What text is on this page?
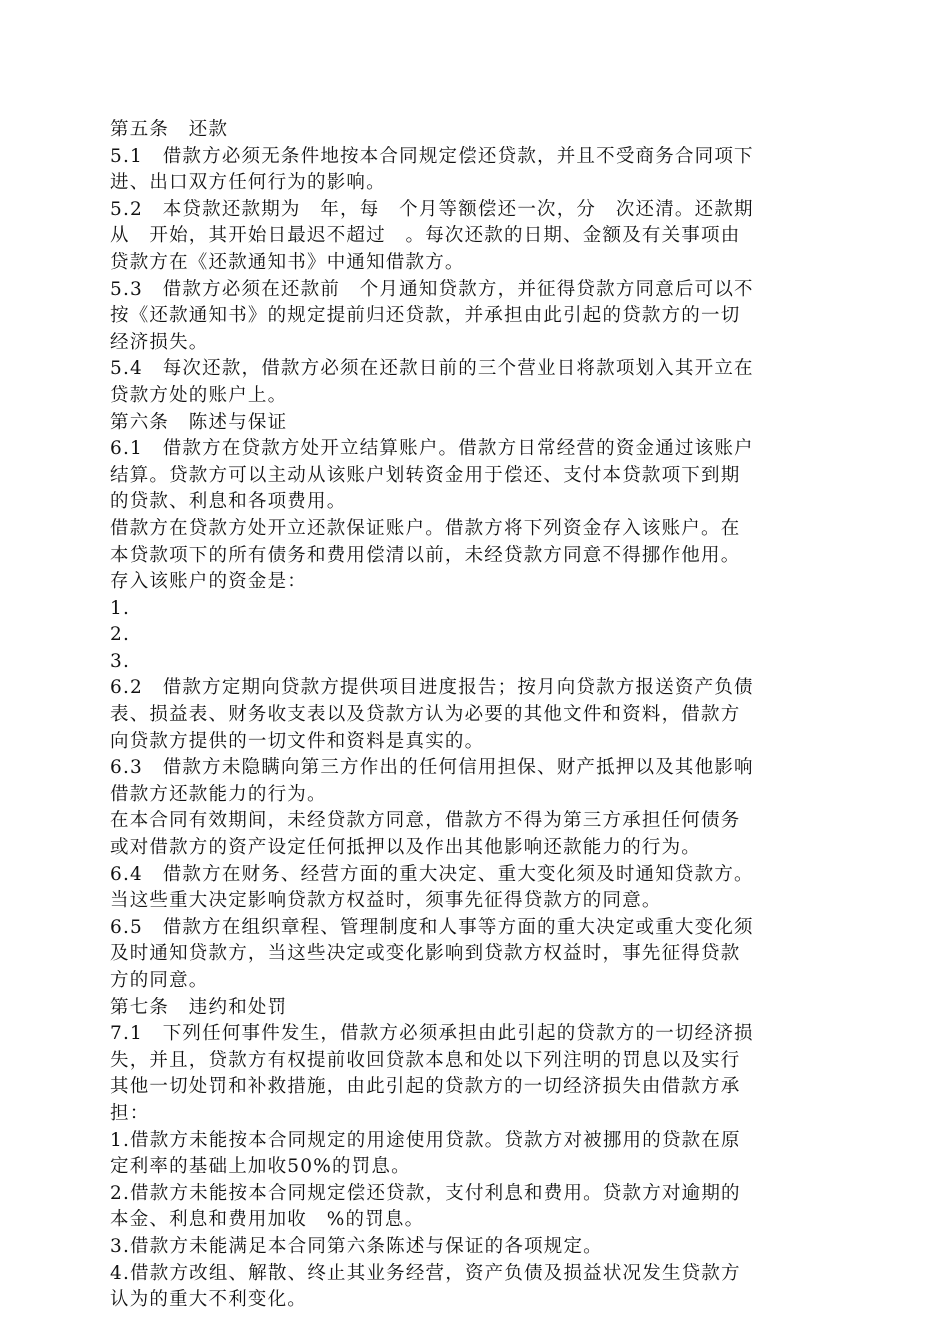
第五条　还款
5.1　借款方必须无条件地按本合同规定偿还贷款，并且不受商务合同项下
进、出口双方任何行为的影响。
5.2　本贷款还款期为　年，每　个月等额偿还一次，分　次还清。还款期
从　开始，其开始日最迟不超过　。每次还款的日期、金额及有关事项由
贷款方在《还款通知书》中通知借款方。
5.3　借款方必须在还款前　个月通知贷款方，并征得贷款方同意后可以不
按《还款通知书》的规定提前归还贷款，并承担由此引起的贷款方的一切
经济损失。
5.4　每次还款，借款方必须在还款日前的三个营业日将款项划入其开立在
贷款方处的账户上。
第六条　陈述与保证
6.1　借款方在贷款方处开立结算账户。借款方日常经营的资金通过该账户
结算。贷款方可以主动从该账户划转资金用于偿还、支付本贷款项下到期
的贷款、利息和各项费用。
借款方在贷款方处开立还款保证账户。借款方将下列资金存入该账户。在
本贷款项下的所有债务和费用偿清以前，未经贷款方同意不得挪作他用。
存入该账户的资金是：
1.
2.
3.
6.2　借款方定期向贷款方提供项目进度报告；按月向贷款方报送资产负债
表、损益表、财务收支表以及贷款方认为必要的其他文件和资料，借款方
向贷款方提供的一切文件和资料是真实的。
6.3　借款方未隐瞒向第三方作出的任何信用担保、财产抵押以及其他影响
借款方还款能力的行为。
在本合同有效期间，未经贷款方同意，借款方不得为第三方承担任何债务
或对借款方的资产设定任何抵押以及作出其他影响还款能力的行为。
6.4　借款方在财务、经营方面的重大决定、重大变化须及时通知贷款方。
当这些重大决定影响贷款方权益时，须事先征得贷款方的同意。
6.5　借款方在组织章程、管理制度和人事等方面的重大决定或重大变化须
及时通知贷款方，当这些决定或变化影响到贷款方权益时，事先征得贷款
方的同意。
第七条　违约和处罚
7.1　下列任何事件发生，借款方必须承担由此引起的贷款方的一切经济损
失，并且，贷款方有权提前收回贷款本息和处以下列注明的罚息以及实行
其他一切处罚和补救措施，由此引起的贷款方的一切经济损失由借款方承
担：
1.借款方未能按本合同规定的用途使用贷款。贷款方对被挪用的贷款在原
定利率的基础上加收50%的罚息。
2.借款方未能按本合同规定偿还贷款，支付利息和费用。贷款方对逾期的
本金、利息和费用加收　%的罚息。
3.借款方未能满足本合同第六条陈述与保证的各项规定。
4.借款方改组、解散、终止其业务经营，资产负债及损益状况发生贷款方
认为的重大不利变化。
